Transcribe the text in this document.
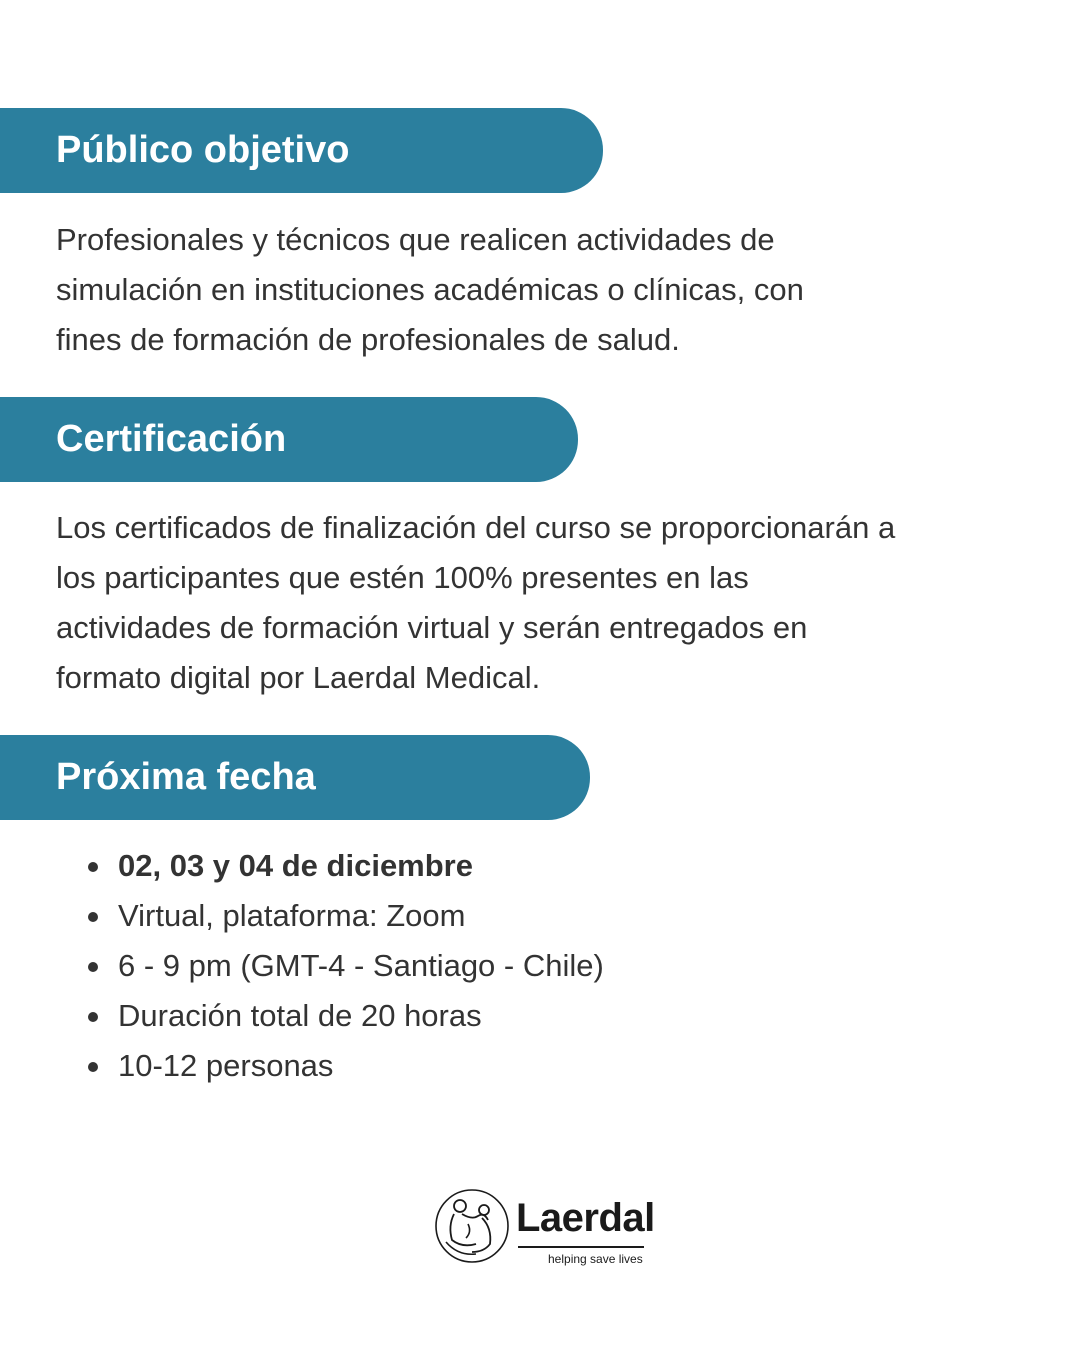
Público objetivo

Profesionales y técnicos que realicen actividades de
simulación en instituciones académicas o clínicas, con
fines de formación de profesionales de salud.

Certificación

Los certificados de finalización del curso se proporcionarán a
los participantes que estén 100% presentes en las
actividades de formación virtual y serán entregados en
formato digital por Laerdal Medical.

Próxima fecha
02, 03 y 04 de diciembre
Virtual, plataforma: Zoom
6 - 9 pm (GMT-4 - Santiago - Chile)
Duración total de 20 horas
10-12 personas
Laerdal
helping save lives
